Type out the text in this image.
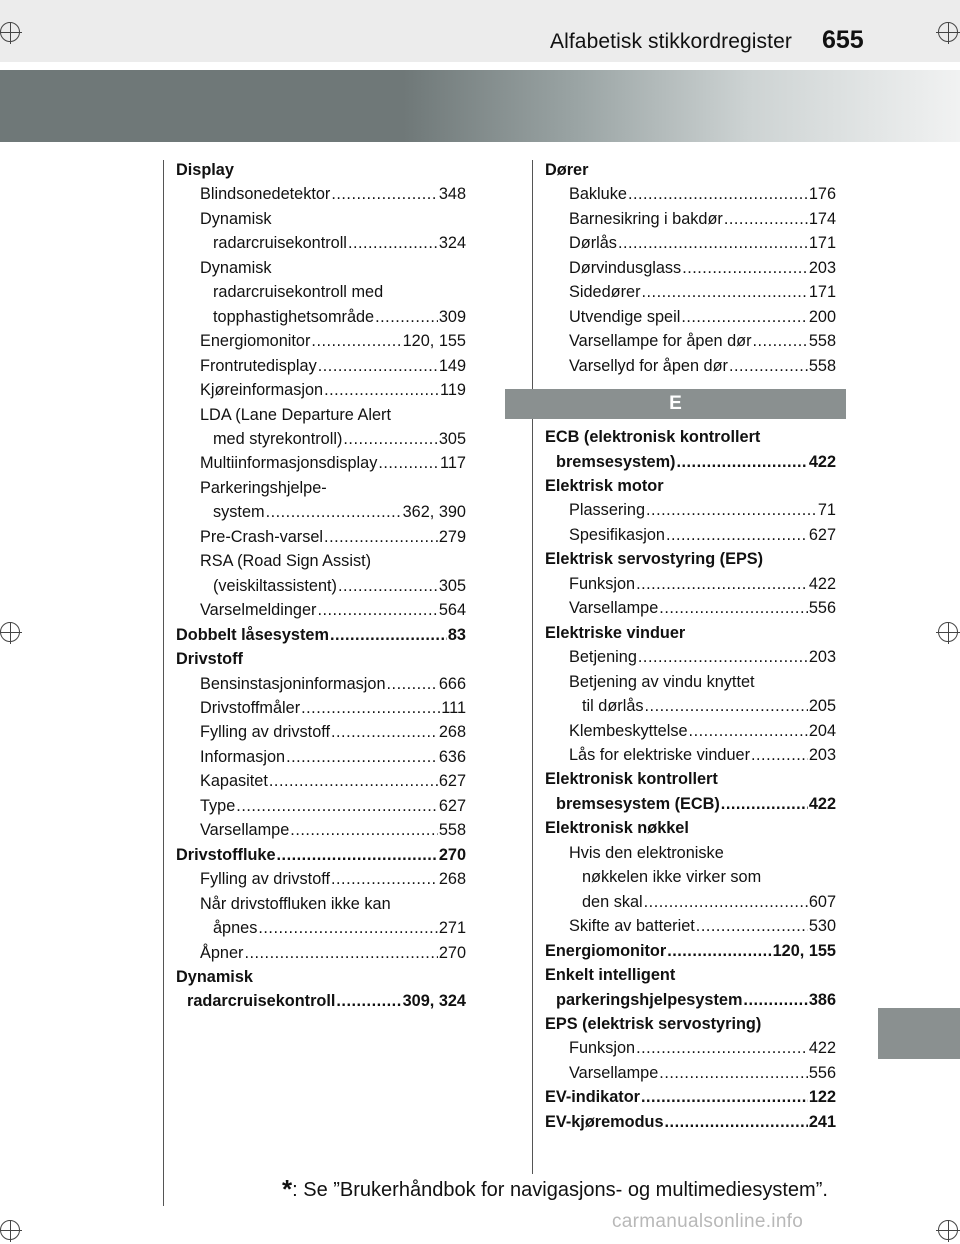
Alfabetisk stikkordregister 655
Display
Blindsonedetektor .....	348
Dynamisk
radarcruisekontroll .....	324
Dynamisk
radarcruisekontroll med
topphastighetsområde .....	309
Energiomonitor .....	120, 155
Frontrutedisplay .....	149
Kjøreinformasjon .....	119
LDA (Lane Departure Alert
med styrekontroll) .....	305
Multiinformasjonsdisplay .....	117
Parkeringshjelpe-
system .....	362, 390
Pre-Crash-varsel .....	279
RSA (Road Sign Assist)
(veiskiltassistent) .....	305
Varselmeldinger .....	564
Dobbelt låsesystem .....	83
Drivstoff
Bensinstasjoninformasjon .....	666
Drivstoffmåler .....	111
Fylling av drivstoff .....	268
Informasjon .....	636
Kapasitet .....	627
Type .....	627
Varsellampe .....	558
Drivstoffluke .....	270
Fylling av drivstoff .....	268
Når drivstoffluken ikke kan
åpnes .....	271
Åpner .....	270
Dynamisk
radarcruisekontroll .....	309, 324
Dører
Bakluke .....	176
Barnesikring i bakdør .....	174
Dørlås .....	171
Dørvindusglass .....	203
Sidedører .....	171
Utvendige speil .....	200
Varsellampe for åpen dør .....	558
Varsellyd for åpen dør .....	558
E
ECB (elektronisk kontrollert
bremsesystem) .....	422
Elektrisk motor
Plassering .....	71
Spesifikasjon .....	627
Elektrisk servostyring (EPS)
Funksjon .....	422
Varsellampe .....	556
Elektriske vinduer
Betjening .....	203
Betjening av vindu knyttet
til dørlås .....	205
Klembeskyttelse .....	204
Lås for elektriske vinduer .....	203
Elektronisk kontrollert
bremsesystem (ECB) .....	422
Elektronisk nøkkel
Hvis den elektroniske
nøkkelen ikke virker som
den skal .....	607
Skifte av batteriet .....	530
Energiomonitor .....	120, 155
Enkelt intelligent
parkeringshjelpesystem .....	386
EPS (elektrisk servostyring)
Funksjon .....	422
Varsellampe .....	556
EV-indikator .....	122
EV-kjøremodus .....	241
*: Se ”Brukerhåndbok for navigasjons- og multimediesystem”.
carmanualsonline.info
